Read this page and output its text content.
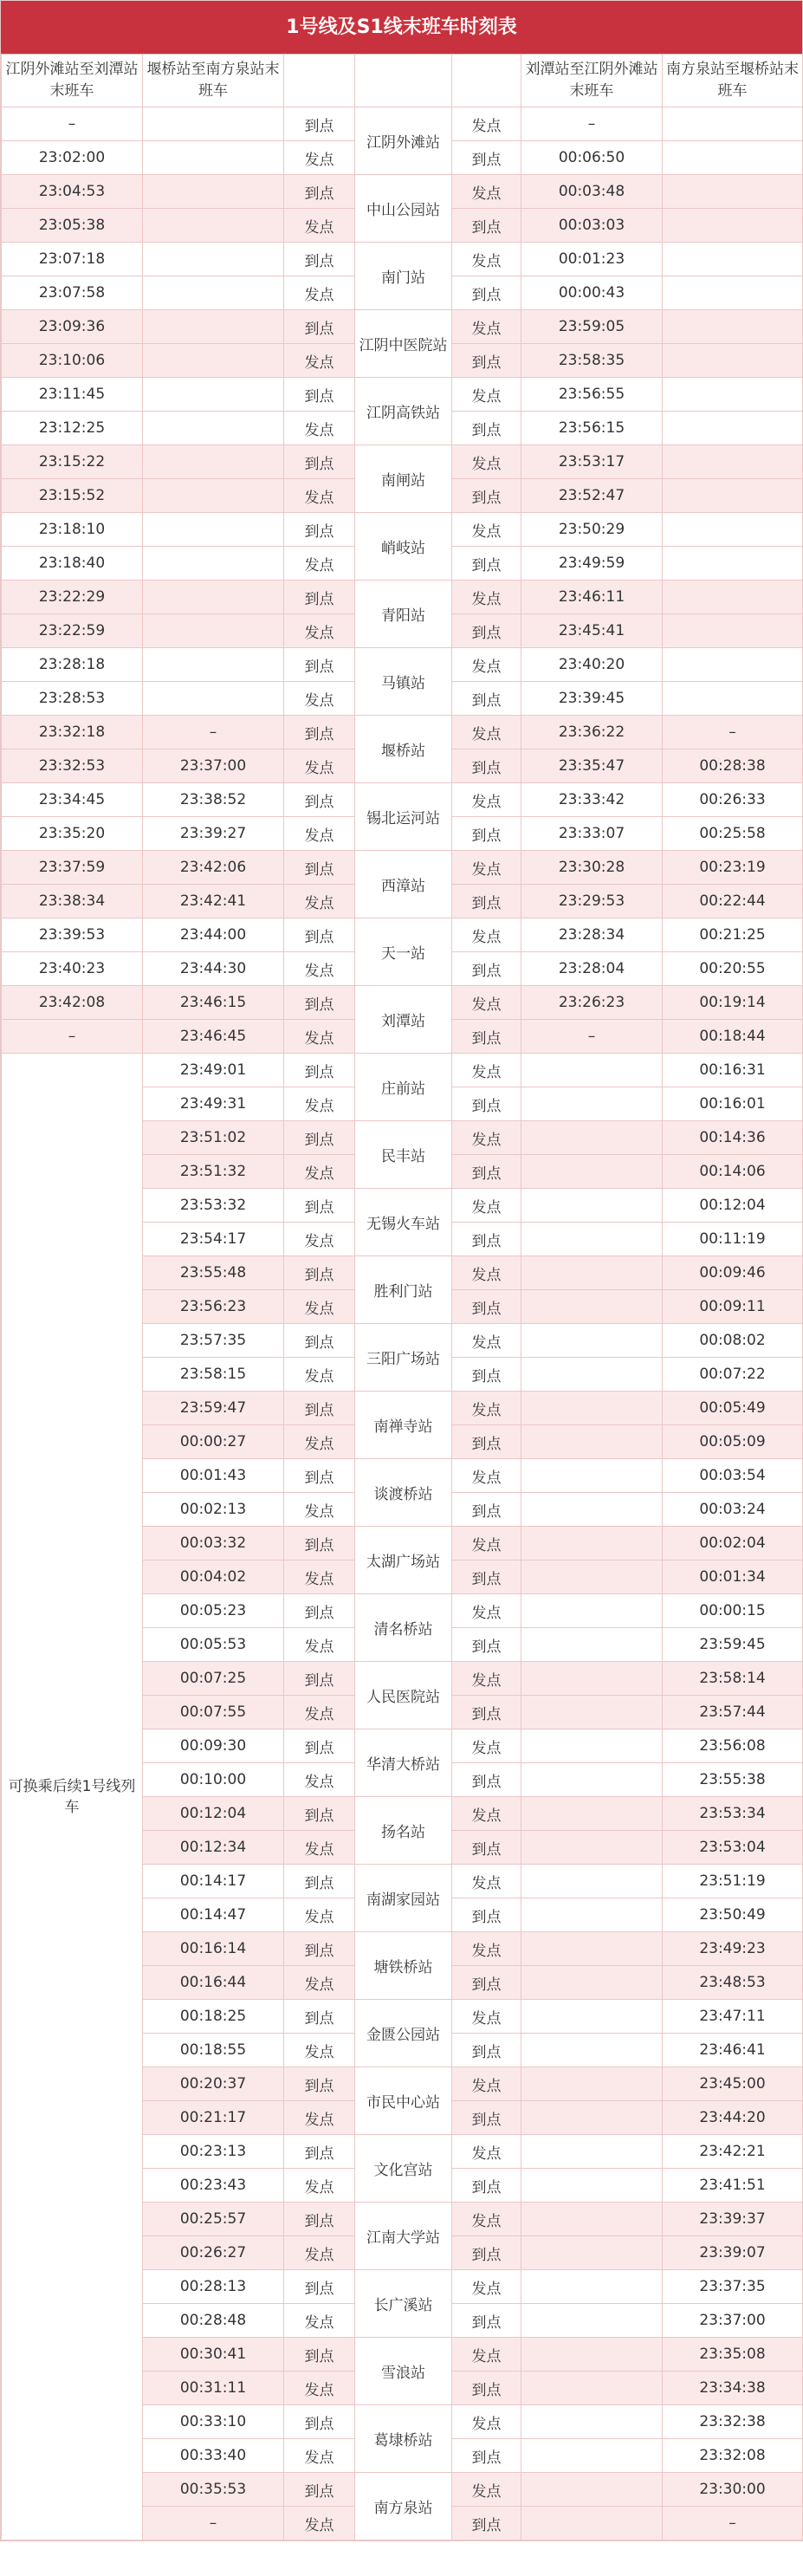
1号线及S1线末班车时刻表
江阴外滩站至刘潭站末班车	堰桥站至南方泉站末班车				刘潭站至江阴外滩站末班车	南方泉站至堰桥站末班车
–		到点	江阴外滩站	发点	–	
23:02:00		发点		到点	00:06:50	
23:04:53		到点	中山公园站	发点	00:03:48	
23:05:38		发点		到点	00:03:03	
23:07:18		到点	南门站	发点	00:01:23	
23:07:58		发点		到点	00:00:43	
23:09:36		到点	江阴中医院站	发点	23:59:05	
23:10:06		发点		到点	23:58:35	
23:11:45		到点	江阴高铁站	发点	23:56:55	
23:12:25		发点		到点	23:56:15	
23:15:22		到点	南闸站	发点	23:53:17	
23:15:52		发点		到点	23:52:47	
23:18:10		到点	峭岐站	发点	23:50:29	
23:18:40		发点		到点	23:49:59	
23:22:29		到点	青阳站	发点	23:46:11	
23:22:59		发点		到点	23:45:41	
23:28:18		到点	马镇站	发点	23:40:20	
23:28:53		发点		到点	23:39:45	
23:32:18	–	到点	堰桥站	发点	23:36:22	–
23:32:53	23:37:00	发点		到点	23:35:47	00:28:38
23:34:45	23:38:52	到点	锡北运河站	发点	23:33:42	00:26:33
23:35:20	23:39:27	发点		到点	23:33:07	00:25:58
23:37:59	23:42:06	到点	西漳站	发点	23:30:28	00:23:19
23:38:34	23:42:41	发点		到点	23:29:53	00:22:44
23:39:53	23:44:00	到点	天一站	发点	23:28:34	00:21:25
23:40:23	23:44:30	发点		到点	23:28:04	00:20:55
23:42:08	23:46:15	到点	刘潭站	发点	23:26:23	00:19:14
–	23:46:45	发点		到点	–	00:18:44
可换乘后续1号线列车	23:49:01	到点	庄前站	发点		00:16:31
	23:49:31	发点		到点		00:16:01
	23:51:02	到点	民丰站	发点		00:14:36
	23:51:32	发点		到点		00:14:06
	23:53:32	到点	无锡火车站	发点		00:12:04
	23:54:17	发点		到点		00:11:19
	23:55:48	到点	胜利门站	发点		00:09:46
	23:56:23	发点		到点		00:09:11
	23:57:35	到点	三阳广场站	发点		00:08:02
	23:58:15	发点		到点		00:07:22
	23:59:47	到点	南禅寺站	发点		00:05:49
	00:00:27	发点		到点		00:05:09
	00:01:43	到点	谈渡桥站	发点		00:03:54
	00:02:13	发点		到点		00:03:24
	00:03:32	到点	太湖广场站	发点		00:02:04
	00:04:02	发点		到点		00:01:34
	00:05:23	到点	清名桥站	发点		00:00:15
	00:05:53	发点		到点		23:59:45
	00:07:25	到点	人民医院站	发点		23:58:14
	00:07:55	发点		到点		23:57:44
	00:09:30	到点	华清大桥站	发点		23:56:08
	00:10:00	发点		到点		23:55:38
	00:12:04	到点	扬名站	发点		23:53:34
	00:12:34	发点		到点		23:53:04
	00:14:17	到点	南湖家园站	发点		23:51:19
	00:14:47	发点		到点		23:50:49
	00:16:14	到点	塘铁桥站	发点		23:49:23
	00:16:44	发点		到点		23:48:53
	00:18:25	到点	金匮公园站	发点		23:47:11
	00:18:55	发点		到点		23:46:41
	00:20:37	到点	市民中心站	发点		23:45:00
	00:21:17	发点		到点		23:44:20
	00:23:13	到点	文化宫站	发点		23:42:21
	00:23:43	发点		到点		23:41:51
	00:25:57	到点	江南大学站	发点		23:39:37
	00:26:27	发点		到点		23:39:07
	00:28:13	到点	长广溪站	发点		23:37:35
	00:28:48	发点		到点		23:37:00
	00:30:41	到点	雪浪站	发点		23:35:08
	00:31:11	发点		到点		23:34:38
	00:33:10	到点	葛埭桥站	发点		23:32:38
	00:33:40	发点		到点		23:32:08
	00:35:53	到点	南方泉站	发点		23:30:00
	–	发点		到点		–
